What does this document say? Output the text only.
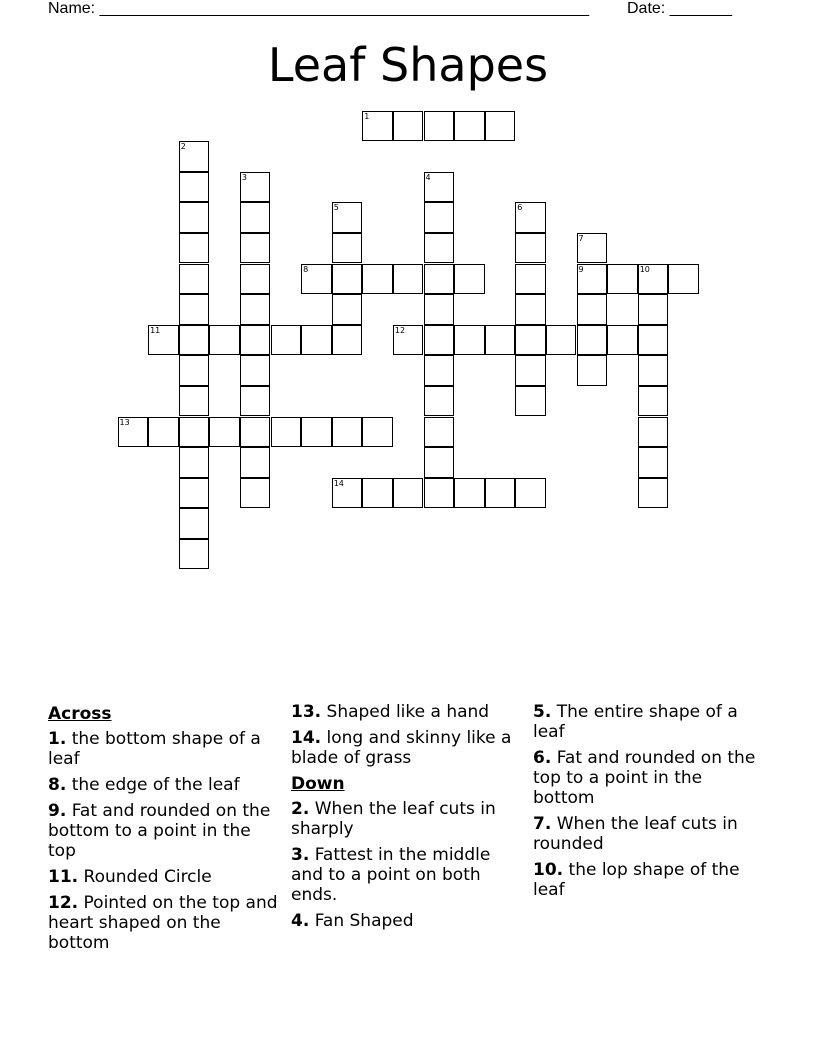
Name: _______________________________________________________ Date: _______
Leaf Shapes
1
2
3	4
5	6
7
9
8	10
11	12
13
14
Across
1. the bottom shape of a leaf
8. the edge of the leaf
9. Fat and rounded on the bottom to a point in the top
11. Rounded Circle
12. Pointed on the top and heart shaped on the bottom
13. Shaped like a hand
14. long and skinny like a blade of grass
Down
2. When the leaf cuts in sharply
3. Fattest in the middle and to a point on both ends.
4. Fan Shaped
5. The entire shape of a leaf
6. Fat and rounded on the top to a point in the bottom
7. When the leaf cuts in rounded
10. the lop shape of the leaf
